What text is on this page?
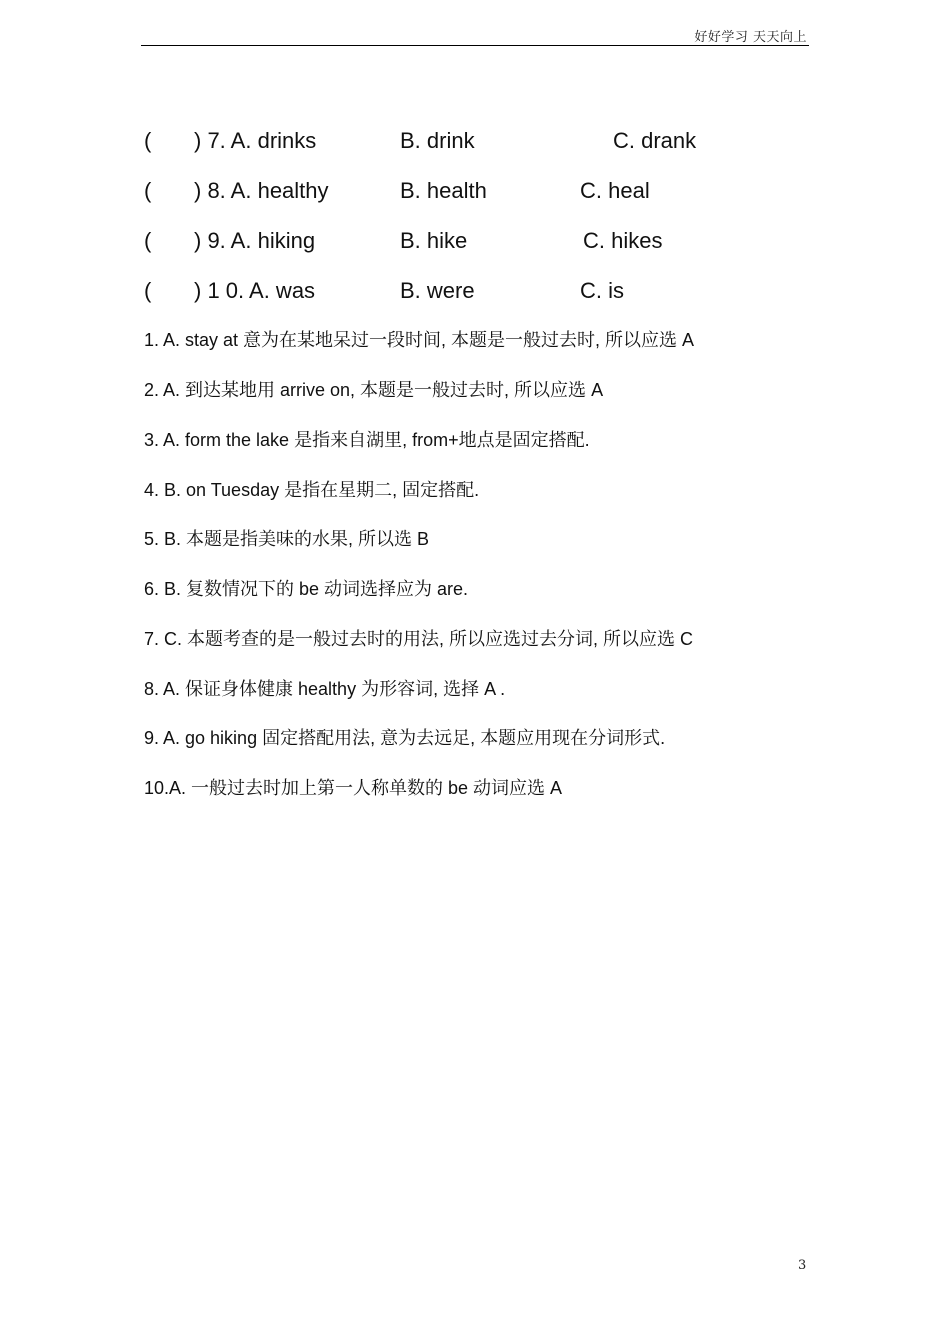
好好学习 天天向上
( ) 7. A. drinks	B. drink	C. drank
( ) 8. A. healthy	B. health	C. heal
( ) 9. A. hiking	B. hike	C. hikes
( ) 1 0. A. was	B. were	C. is
1. A. stay at 意为在某地呆过一段时间, 本题是一般过去时, 所以应选 A
2. A. 到达某地用 arrive on, 本题是一般过去时, 所以应选 A
3. A. form the lake 是指来自湖里, from+地点是固定搭配.
4. B. on Tuesday 是指在星期二, 固定搭配.
5. B. 本题是指美味的水果, 所以选 B
6. B. 复数情况下的 be 动词选择应为 are.
7. C. 本题考查的是一般过去时的用法, 所以应选过去分词, 所以应选 C
8. A. 保证身体健康 healthy 为形容词, 选择 A .
9. A. go hiking 固定搭配用法, 意为去远足, 本题应用现在分词形式.
10.A. 一般过去时加上第一人称单数的 be 动词应选 A
3
